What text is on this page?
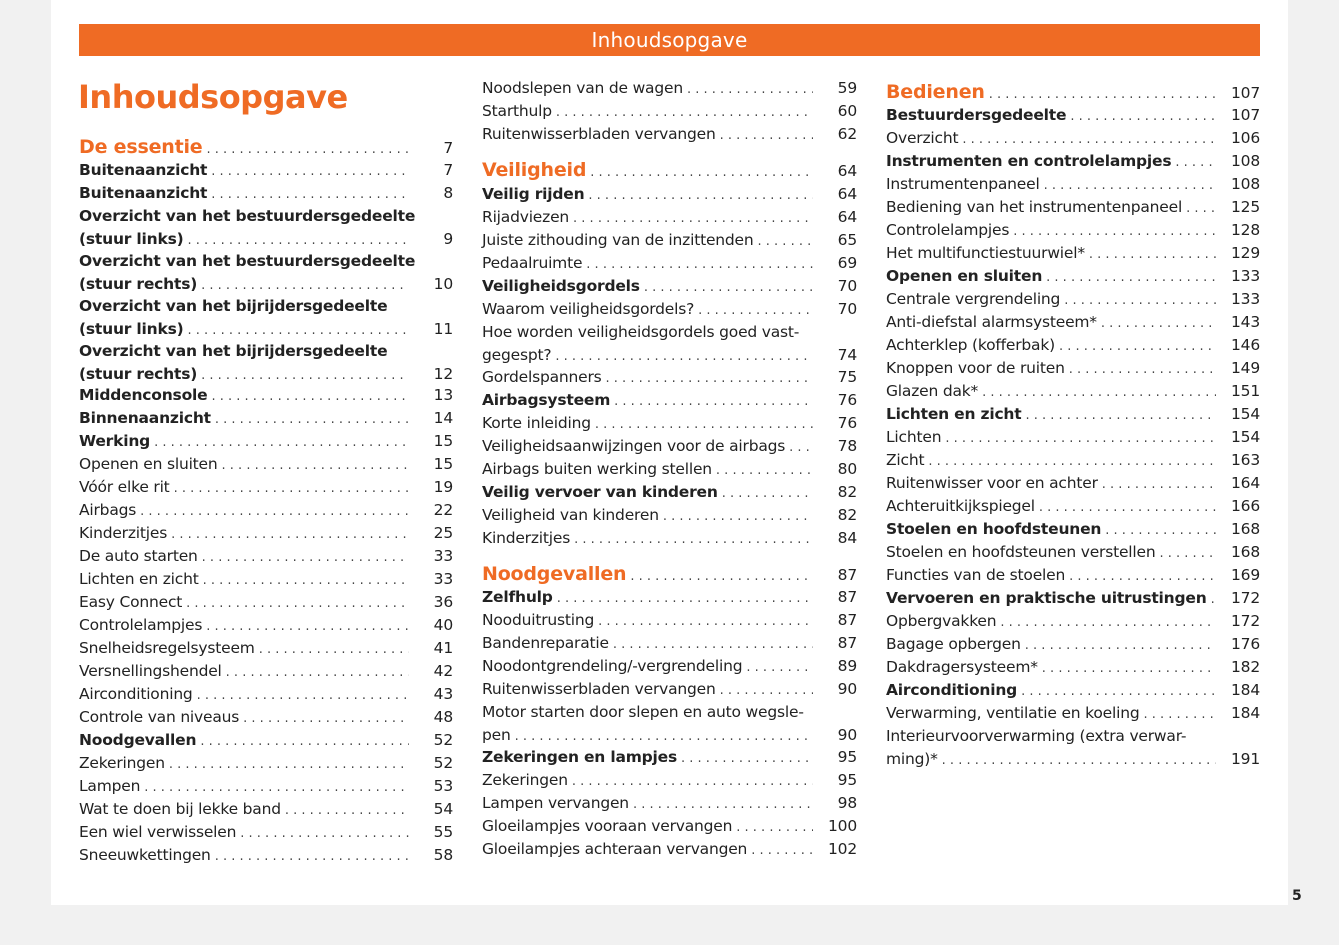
Inhoudsopgave
Inhoudsopgave
De essentie . . .	7
Buitenaanzicht . . .	7
Buitenaanzicht . . .	8
Overzicht van het bestuurdersgedeelte
(stuur links) . . .	9
Overzicht van het bestuurdersgedeelte
(stuur rechts) . . .	10
Overzicht van het bijrijdersgedeelte
(stuur links) . . .	11
Overzicht van het bijrijdersgedeelte
(stuur rechts) . . .	12
Middenconsole . . .	13
Binnenaanzicht . . .	14
Werking . . .	15
Openen en sluiten . . .	15
Vóór elke rit . . .	19
Airbags . . .	22
Kinderzitjes . . .	25
De auto starten . . .	33
Lichten en zicht . . .	33
Easy Connect . . .	36
Controlelampjes . . .	40
Snelheidsregelsysteem . . .	41
Versnellingshendel . . .	42
Airconditioning . . .	43
Controle van niveaus . . .	48
Noodgevallen . . .	52
Zekeringen . . .	52
Lampen . . .	53
Wat te doen bij lekke band . . .	54
Een wiel verwisselen . . .	55
Sneeuwkettingen . . .	58
Noodslepen van de wagen . . .	59
Starthulp . . .	60
Ruitenwisserbladen vervangen . . .	62
Veiligheid . . .	64
Veilig rijden . . .	64
Rijadviezen . . .	64
Juiste zithouding van de inzittenden . . .	65
Pedaalruimte . . .	69
Veiligheidsgordels . . .	70
Waarom veiligheidsgordels? . . .	70
Hoe worden veiligheidsgordels goed vast-
gegespt? . . .	74
Gordelspanners . . .	75
Airbagsysteem . . .	76
Korte inleiding . . .	76
Veiligheidsaanwijzingen voor de airbags . . .	78
Airbags buiten werking stellen . . .	80
Veilig vervoer van kinderen . . .	82
Veiligheid van kinderen . . .	82
Kinderzitjes . . .	84
Noodgevallen . . .	87
Zelfhulp . . .	87
Nooduitrusting . . .	87
Bandenreparatie . . .	87
Noodontgrendeling/-vergrendeling . . .	89
Ruitenwisserbladen vervangen . . .	90
Motor starten door slepen en auto wegsle-
pen . . .	90
Zekeringen en lampjes . . .	95
Zekeringen . . .	95
Lampen vervangen . . .	98
Gloeilampjes vooraan vervangen . . .	100
Gloeilampjes achteraan vervangen . . .	102
Bedienen . . .	107
Bestuurdersgedeelte . . .	107
Overzicht . . .	106
Instrumenten en controlelampjes . . .	108
Instrumentenpaneel . . .	108
Bediening van het instrumentenpaneel . . .	125
Controlelampjes . . .	128
Het multifunctiestuurwiel* . . .	129
Openen en sluiten . . .	133
Centrale vergrendeling . . .	133
Anti-diefstal alarmsysteem* . . .	143
Achterklep (kofferbak) . . .	146
Knoppen voor de ruiten . . .	149
Glazen dak* . . .	151
Lichten en zicht . . .	154
Lichten . . .	154
Zicht . . .	163
Ruitenwisser voor en achter . . .	164
Achteruitkijkspiegel . . .	166
Stoelen en hoofdsteunen . . .	168
Stoelen en hoofdsteunen verstellen . . .	168
Functies van de stoelen . . .	169
Vervoeren en praktische uitrustingen . . .	172
Opbergvakken . . .	172
Bagage opbergen . . .	176
Dakdragersysteem* . . .	182
Airconditioning . . .	184
Verwarming, ventilatie en koeling . . .	184
Interieurvoorverwarming (extra verwar-
ming)* . . .	191
5
